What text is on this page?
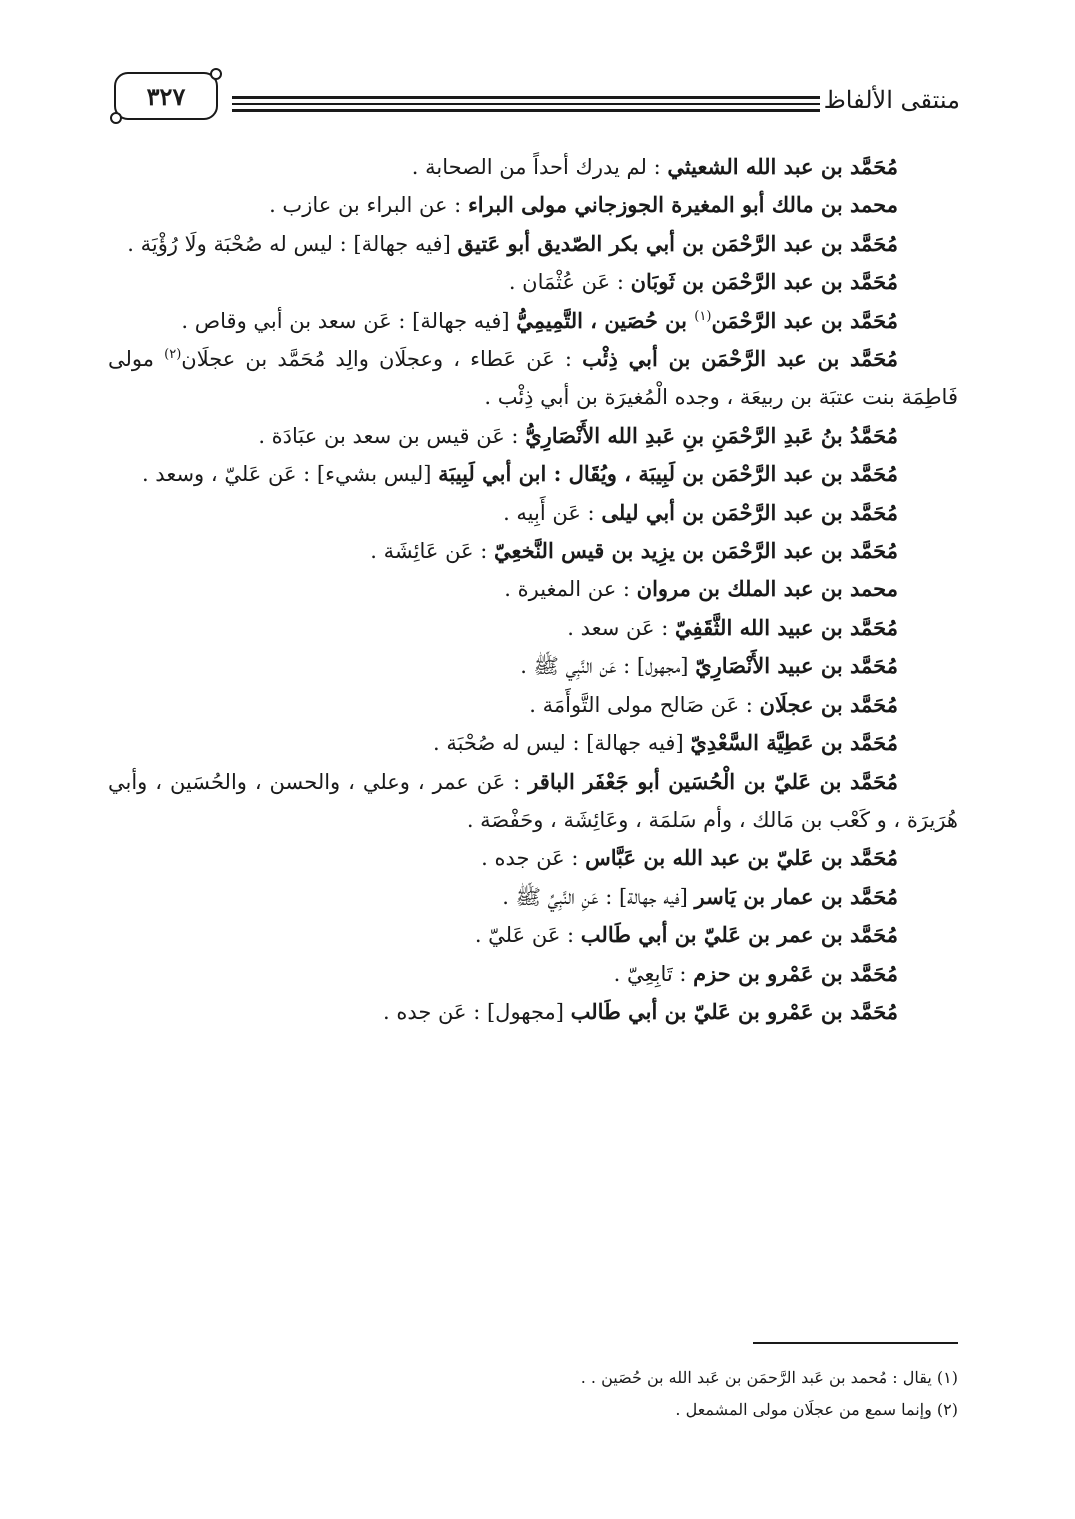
منتقى الألفاظ
٣٢٧

مُحَمَّد بن عبد الله الشعيثي : لم يدرك أحداً من الصحابة .

محمد بن مالك أبو المغيرة الجوزجاني مولى البراء : عن البراء بن عازب .

مُحَمَّد بن عبد الرَّحْمَن بن أبي بكر الصّديق أبو عَتيق [فيه جهالة] : ليس له صُحْبَة ولَا رُؤْيَة .

مُحَمَّد بن عبد الرَّحْمَن بن ثَوبَان : عَن عُثْمَان .

مُحَمَّد بن عبد الرَّحْمَن$^{(١)}$ بن حُصَين ، التَّمِيمِيُّ [فيه جهالة] : عَن سعد بن أبي وقاص .

مُحَمَّد بن عبد الرَّحْمَن بن أبي ذِئْب : عَن عَطاء ، وعجلَان والِد مُحَمَّد بن عجلَان$^{(٢)}$ مولى فَاطِمَة بنت عتبَة بن ربيعَة ، وجده الْمُغيرَة بن أبي ذِئْب .

مُحَمَّدُ بنُ عَبدِ الرَّحْمَنِ بنِ عَبدِ الله الأَنْصَارِيُّ : عَن قيس بن سعد بن عبَادَة .

مُحَمَّد بن عبد الرَّحْمَن بن لَبِيبَة ، ويُقَال : ابن أبي لَبِيبَة [ليس بشيء] : عَن عَليّ ، وسعد .

مُحَمَّد بن عبد الرَّحْمَن بن أبي ليلى : عَن أَبِيه .

مُحَمَّد بن عبد الرَّحْمَن بن يزِيد بن قيس النَّخعِيّ : عَن عَائِشَة .

محمد بن عبد الملك بن مروان : عن المغيرة .

مُحَمَّد بن عبيد الله الثَّقَفِيّ : عَن سعد .

مُحَمَّد بن عبيد الأَنْصَارِيّ [مجهول] : عَن النَّبِي ﷺ .

مُحَمَّد بن عجلَان : عَن صَالح مولى التَّوأَمَة .

مُحَمَّد بن عَطِيَّة السَّعْدِيّ [فيه جهالة] : ليس له صُحْبَة .

مُحَمَّد بن عَليّ بن الْحُسَين أبو جَعْفَر الباقر : عَن عمر ، وعلي ، والحسن ، والحُسَين ، وأبي هُرَيرَة ، و كَعْب بن مَالك ، وأم سَلمَة ، وعَائِشَة ، وحَفْصَة .

مُحَمَّد بن عَليّ بن عبد الله بن عَبَّاس : عَن جده .

مُحَمَّد بن عمار بن يَاسر [فيه جهالة] : عَنِ النَّبِيِّ ﷺ .

مُحَمَّد بن عمر بن عَليّ بن أبي طَالب : عَن عَليّ .

مُحَمَّد بن عَمْرو بن حزم : تَابِعِيّ .

مُحَمَّد بن عَمْرو بن عَليّ بن أبي طَالب [مجهول] : عَن جده .

(١) يقال : مُحمد بن عَبد الرَّحمَن بن عَبد الله بن حُصَين . .

(٢) وإنما سمع من عجلَان مولى المشمعل .
